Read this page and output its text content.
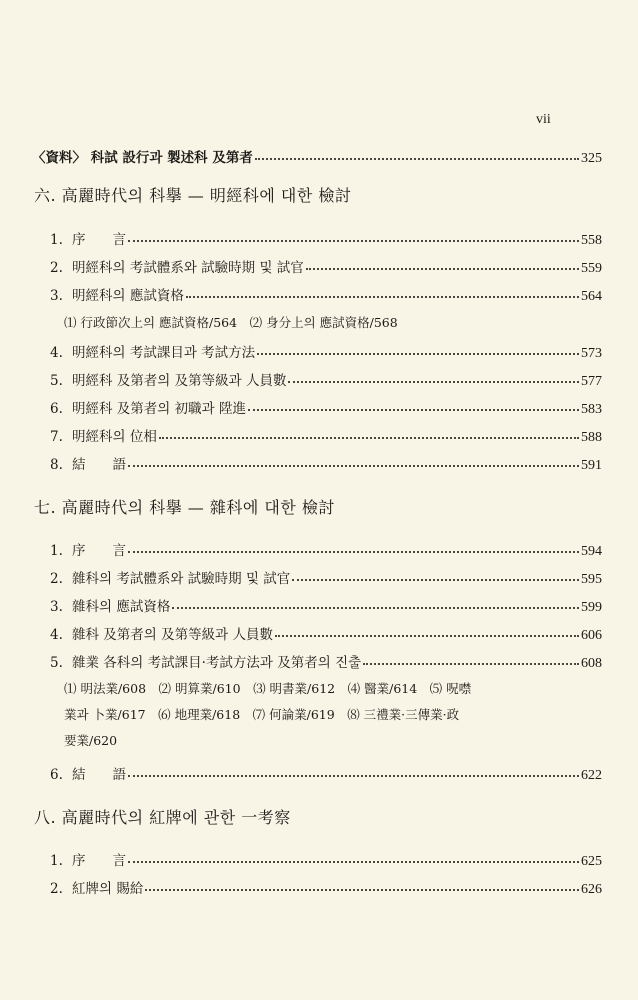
vii
〈資料〉 科試 設行과 製述科 及第者	325
六. 高麗時代의 科擧 — 明經科에 대한 檢討
1. 序　　言	558
2. 明經科의 考試體系와 試驗時期 및 試官	559
3. 明經科의 應試資格	564
⑴ 行政節次上의 應試資格/564　⑵ 身分上의 應試資格/568
4. 明經科의 考試課目과 考試方法	573
5. 明經科 及第者의 及第等級과 人員數	577
6. 明經科 及第者의 初職과 陞進	583
7. 明經科의 位相	588
8. 結　　語	591
七. 高麗時代의 科擧 — 雜科에 대한 檢討
1. 序　　言	594
2. 雜科의 考試體系와 試驗時期 및 試官	595
3. 雜科의 應試資格	599
4. 雜科 及第者의 及第等級과 人員數	606
5. 雜業 各科의 考試課目·考試方法과 及第者의 진출	608
⑴ 明法業/608　⑵ 明算業/610　⑶ 明書業/612　⑷ 醫業/614　⑸ 呪噤
業과 卜業/617　⑹ 地理業/618　⑺ 何論業/619　⑻ 三禮業·三傳業·政
要業/620
6. 結　　語	622
八. 高麗時代의 紅牌에 관한 一考察
1. 序　　言	625
2. 紅牌의 賜給	626
